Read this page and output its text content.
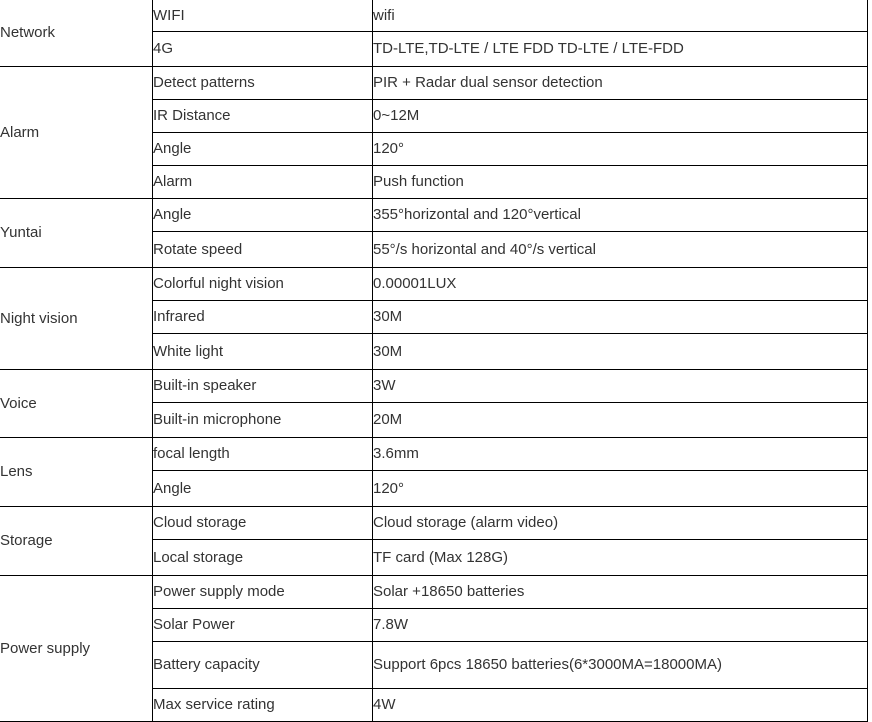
Network	WIFI	wifi
	4G	TD-LTE,TD-LTE / LTE FDD TD-LTE / LTE-FDD
Alarm	Detect patterns	PIR + Radar dual sensor detection
	IR Distance	0~12M
	Angle	120°
	Alarm	Push function
Yuntai	Angle	355°horizontal and 120°vertical
	Rotate speed	55°/s horizontal and 40°/s vertical
Night vision	Colorful night vision	0.00001LUX
	Infrared	30M
	White light	30M
Voice	Built-in speaker	3W
	Built-in microphone	20M
Lens	focal length	3.6mm
	Angle	120°
Storage	Cloud storage	Cloud storage (alarm video)
	Local storage	TF card (Max 128G)
Power supply	Power supply mode	Solar +18650 batteries
	Solar Power	7.8W
	Battery capacity	Support 6pcs 18650 batteries(6*3000MA=18000MA)
	Max service rating	4W
